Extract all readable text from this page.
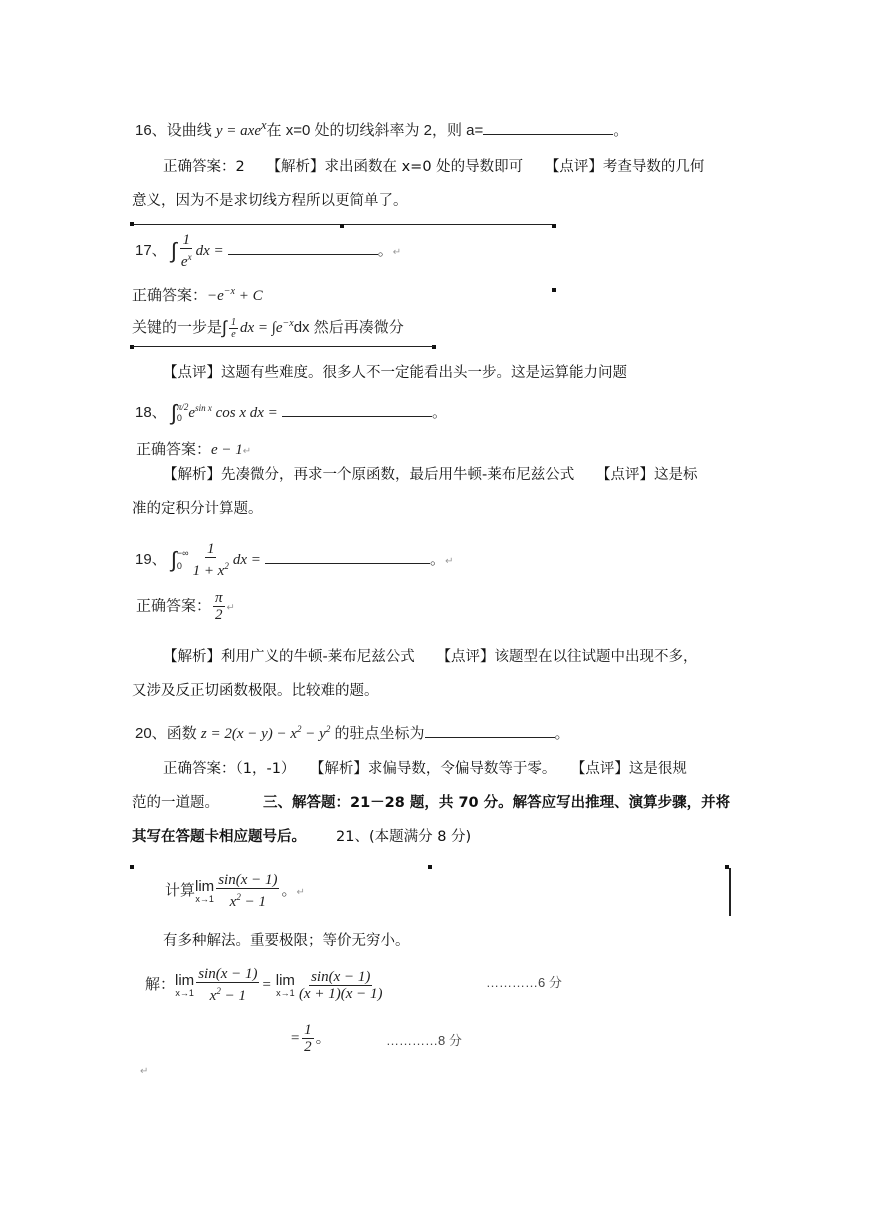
16、设曲线 y = axe$^x$在 x=0 处的切线斜率为 2，则 a=	。
正确答案：2　　【解析】求出函数在 x=0 处的导数即可　　【点评】考查导数的几何
意义，因为不是求切线方程所以更简单了。
17、 ∫ $\frac{1}{e^x}$ dx =	。↵
正确答案：$-e^{-x} + C$
关键的一步是∫ $\frac{1}{e}$ dx = $\int e^{-x}dx$ 然后再凑微分
【点评】这题有些难度。很多人不一定能看出头一步。这是运算能力问题
18、 ∫ π/2
0 $e^{sin x}$ cos x dx =	。
正确答案：e − 1↵
【解析】先凑微分，再求一个原函数，最后用牛顿-莱布尼兹公式　　【点评】这是标
准的定积分计算题。
19、 ∫ −∞
$0 \frac{1}{1 + x^2}$ dx =	。↵
正确答案： $\frac{\pi}{2}$ ↵
【解析】利用广义的牛顿-莱布尼兹公式　　【点评】该题型在以往试题中出现不多，
又涉及反正切函数极限。比较难的题。
20、函数 $z = 2(x - y) - x^2 - y^2$ 的驻点坐标为	。
正确答案：（1，-1）　　【解析】求偏导数，令偏导数等于零。　　【点评】这是很规
范的一道题。	三、解答题：21－28 题，共 70 分。解答应写出推理、演算步骤，并将
其写在答题卡相应题号后。 21、(本题满分 8 分)
计算 lim
$x\to 1 \frac{\sin(x - 1)}{x^2 - 1}$ 。↵
有多种解法。重要极限；等价无穷小。
解： lim
$x\to 1 \frac{\sin(x - 1)}{x^2 - 1} = \lim$
$x\to 1 \frac{\sin(x - 1)}{(x + 1)(x - 1)}$	…………6 分
= $\frac{1}{2}$ 。	…………8 分
↵
